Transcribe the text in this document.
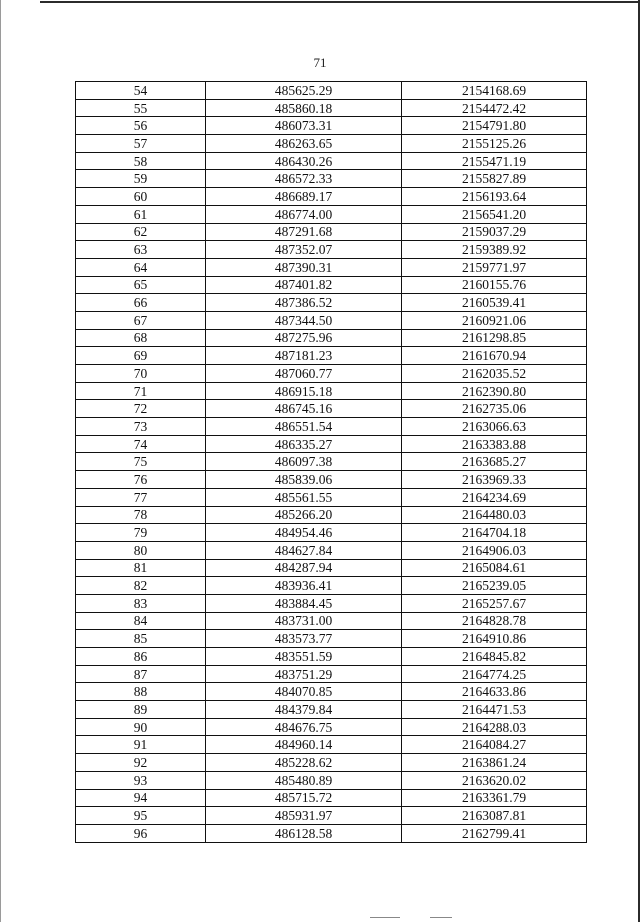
71
54	485625.29	2154168.69
55	485860.18	2154472.42
56	486073.31	2154791.80
57	486263.65	2155125.26
58	486430.26	2155471.19
59	486572.33	2155827.89
60	486689.17	2156193.64
61	486774.00	2156541.20
62	487291.68	2159037.29
63	487352.07	2159389.92
64	487390.31	2159771.97
65	487401.82	2160155.76
66	487386.52	2160539.41
67	487344.50	2160921.06
68	487275.96	2161298.85
69	487181.23	2161670.94
70	487060.77	2162035.52
71	486915.18	2162390.80
72	486745.16	2162735.06
73	486551.54	2163066.63
74	486335.27	2163383.88
75	486097.38	2163685.27
76	485839.06	2163969.33
77	485561.55	2164234.69
78	485266.20	2164480.03
79	484954.46	2164704.18
80	484627.84	2164906.03
81	484287.94	2165084.61
82	483936.41	2165239.05
83	483884.45	2165257.67
84	483731.00	2164828.78
85	483573.77	2164910.86
86	483551.59	2164845.82
87	483751.29	2164774.25
88	484070.85	2164633.86
89	484379.84	2164471.53
90	484676.75	2164288.03
91	484960.14	2164084.27
92	485228.62	2163861.24
93	485480.89	2163620.02
94	485715.72	2163361.79
95	485931.97	2163087.81
96	486128.58	2162799.41
